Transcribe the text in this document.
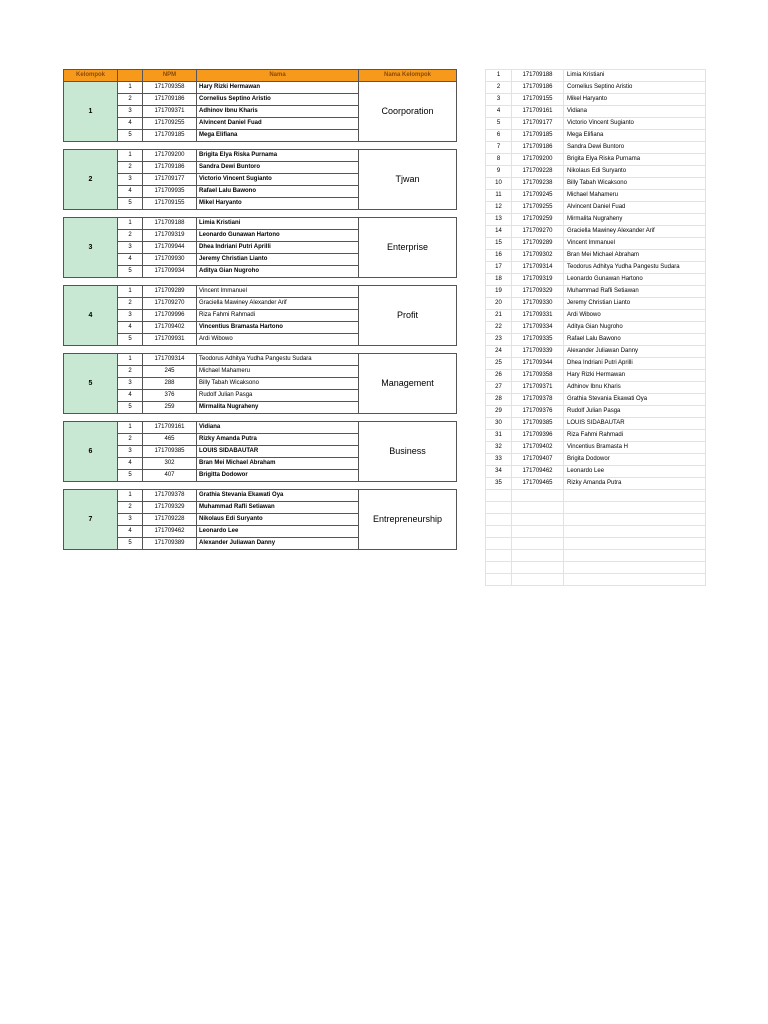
Kelompok		NPM	Nama	Nama Kelompok
1	1	171709358	Hary Rizki Hermawan	Coorporation
	2	171709186	Cornelius Septino Aristio	
	3	171709371	Adhinov Ibnu Kharis	
	4	171709255	Alvincent Daniel Fuad	
	5	171709185	Mega Elifiana	

2	1	171709200	Brigita Elya Riska Purnama	Tjwan
	2	171709186	Sandra Dewi Buntoro	
	3	171709177	Victorio Vincent Sugianto	
	4	171709935	Rafael Lalu Bawono	
	5	171709155	Mikel Haryanto	

3	1	171709188	Limia Kristiani	Enterprise
	2	171709319	Leonardo Gunawan Hartono	
	3	171709944	Dhea Indriani Putri Aprilli	
	4	171709930	Jeremy Christian Lianto	
	5	171709934	Aditya Gian Nugroho	

4	1	171709289	Vincent Immanuel	Profit
	2	171709270	Graciella Mawiney Alexander Arif	
	3	171709996	Riza Fahmi Rahmadi	
	4	171709402	Vincentius Bramasta Hartono	
	5	171709931	Ardi Wibowo	

5	1	171709314	Teodorus Adhitya Yudha Pangestu Sudara	Management
	2	245	Michael Mahameru	
	3	288	Billy Tabah Wicaksono	
	4	376	Rudolf Julian Pasga	
	5	259	Mirmalita Nugraheny	

6	1	171709161	Vidiana	Business
	2	465	Rizky Amanda Putra	
	3	171709385	LOUIS SIDABAUTAR	
	4	302	Bran Mei Michael Abraham	
	5	407	Brigitta Dodowor	

7	1	171709378	Grathia Stevania Ekawati Oya	Entrepreneurship
	2	171709329	Muhammad Rafli Setiawan	
	3	171709228	Nikolaus Edi Suryanto	
	4	171709462	Leonardo Lee	
	5	171709389	Alexander Juliawan Danny	
1	171709188	Limia Kristiani
2	171709186	Cornelius Septino Aristio
3	171709155	Mikel Haryanto
4	171709161	Vidiana
5	171709177	Victorio Vincent Sugianto
6	171709185	Mega Elifiana
7	171709186	Sandra Dewi Buntoro
8	171709200	Brigita Elya Riska Purnama
9	171709228	Nikolaus Edi Suryanto
10	171709238	Billy Tabah Wicaksono
11	171709245	Michael Mahameru
12	171709255	Alvincent Daniel Fuad
13	171709259	Mirmalita Nugraheny
14	171709270	Graciella Mawiney Alexander Arif
15	171709289	Vincent Immanuel
16	171709302	Bran Mei Michael Abraham
17	171709314	Teodorus Adhitya Yudha Pangestu Sudara
18	171709319	Leonardo Gunawan Hartono
19	171709329	Muhammad Rafli Setiawan
20	171709330	Jeremy Christian Lianto
21	171709331	Ardi Wibowo
22	171709334	Aditya Gian Nugroho
23	171709335	Rafael Lalu Bawono
24	171709339	Alexander Juliawan Danny
25	171709344	Dhea Indriani Putri Aprilli
26	171709358	Hary Rizki Hermawan
27	171709371	Adhinov Ibnu Kharis
28	171709378	Grathia Stevania Ekawati Oya
29	171709376	Rudolf Julian Pasga
30	171709385	LOUIS SIDABAUTAR
31	171709396	Riza Fahmi Rahmadi
32	171709402	Vincentius Bramasta H
33	171709407	Brigita Dodowor
34	171709462	Leonardo Lee
35	171709465	Rizky Amanda Putra
